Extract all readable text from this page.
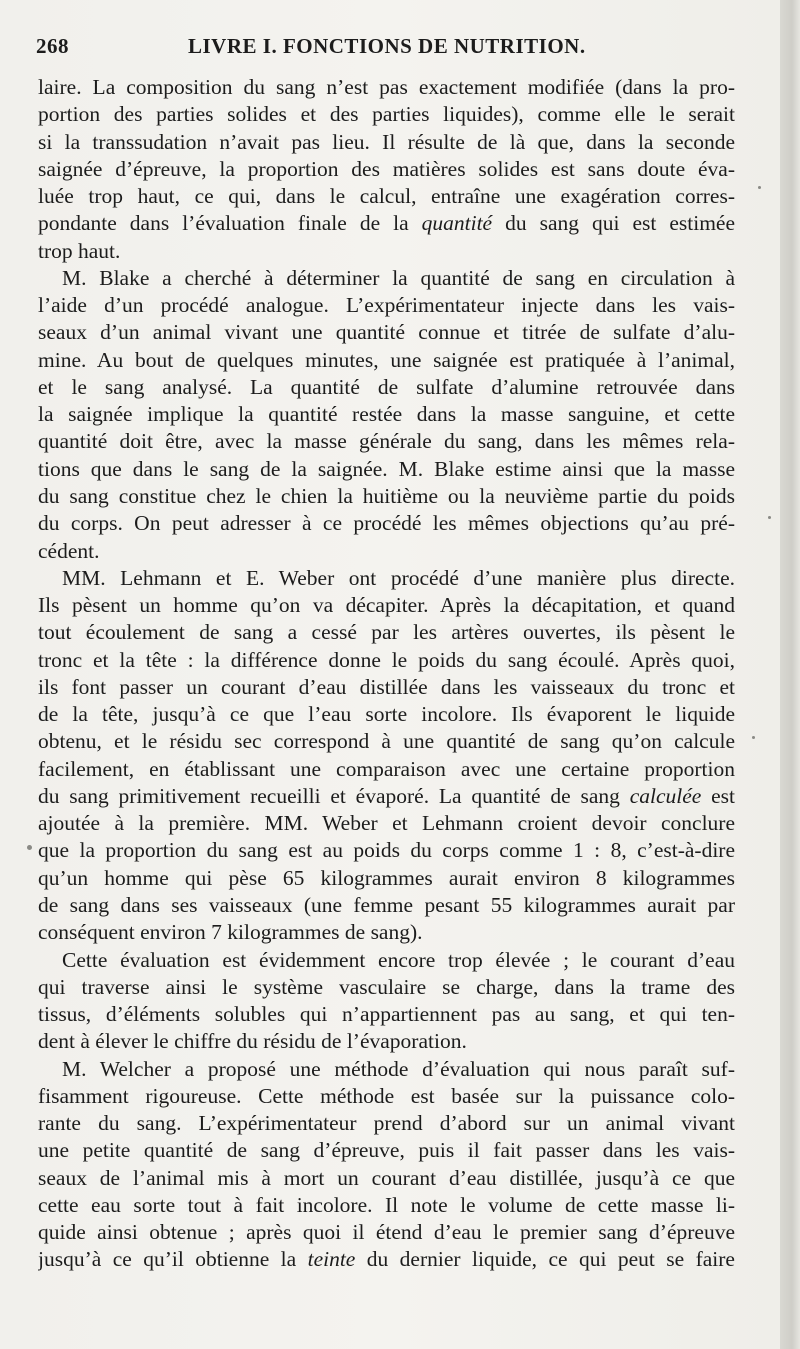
268	LIVRE I. FONCTIONS DE NUTRITION.
laire. La composition du sang n’est pas exactement modifiée (dans la pro-
portion des parties solides et des parties liquides), comme elle le serait
si la transsudation n’avait pas lieu. Il résulte de là que, dans la seconde
saignée d’épreuve, la proportion des matières solides est sans doute éva-
luée trop haut, ce qui, dans le calcul, entraîne une exagération corres-
pondante dans l’évaluation finale de la quantité du sang qui est estimée
trop haut.
M. Blake a cherché à déterminer la quantité de sang en circulation à
l’aide d’un procédé analogue. L’expérimentateur injecte dans les vais-
seaux d’un animal vivant une quantité connue et titrée de sulfate d’alu-
mine. Au bout de quelques minutes, une saignée est pratiquée à l’animal,
et le sang analysé. La quantité de sulfate d’alumine retrouvée dans
la saignée implique la quantité restée dans la masse sanguine, et cette
quantité doit être, avec la masse générale du sang, dans les mêmes rela-
tions que dans le sang de la saignée. M. Blake estime ainsi que la masse
du sang constitue chez le chien la huitième ou la neuvième partie du poids
du corps. On peut adresser à ce procédé les mêmes objections qu’au pré-
cédent.
MM. Lehmann et E. Weber ont procédé d’une manière plus directe.
Ils pèsent un homme qu’on va décapiter. Après la décapitation, et quand
tout écoulement de sang a cessé par les artères ouvertes, ils pèsent le
tronc et la tête : la différence donne le poids du sang écoulé. Après quoi,
ils font passer un courant d’eau distillée dans les vaisseaux du tronc et
de la tête, jusqu’à ce que l’eau sorte incolore. Ils évaporent le liquide
obtenu, et le résidu sec correspond à une quantité de sang qu’on calcule
facilement, en établissant une comparaison avec une certaine proportion
du sang primitivement recueilli et évaporé. La quantité de sang calculée est
ajoutée à la première. MM. Weber et Lehmann croient devoir conclure
que la proportion du sang est au poids du corps comme 1 : 8, c’est-à-dire
qu’un homme qui pèse 65 kilogrammes aurait environ 8 kilogrammes
de sang dans ses vaisseaux (une femme pesant 55 kilogrammes aurait par
conséquent environ 7 kilogrammes de sang).
Cette évaluation est évidemment encore trop élevée ; le courant d’eau
qui traverse ainsi le système vasculaire se charge, dans la trame des
tissus, d’éléments solubles qui n’appartiennent pas au sang, et qui ten-
dent à élever le chiffre du résidu de l’évaporation.
M. Welcher a proposé une méthode d’évaluation qui nous paraît suf-
fisamment rigoureuse. Cette méthode est basée sur la puissance colo-
rante du sang. L’expérimentateur prend d’abord sur un animal vivant
une petite quantité de sang d’épreuve, puis il fait passer dans les vais-
seaux de l’animal mis à mort un courant d’eau distillée, jusqu’à ce que
cette eau sorte tout à fait incolore. Il note le volume de cette masse li-
quide ainsi obtenue ; après quoi il étend d’eau le premier sang d’épreuve
jusqu’à ce qu’il obtienne la teinte du dernier liquide, ce qui peut se faire
